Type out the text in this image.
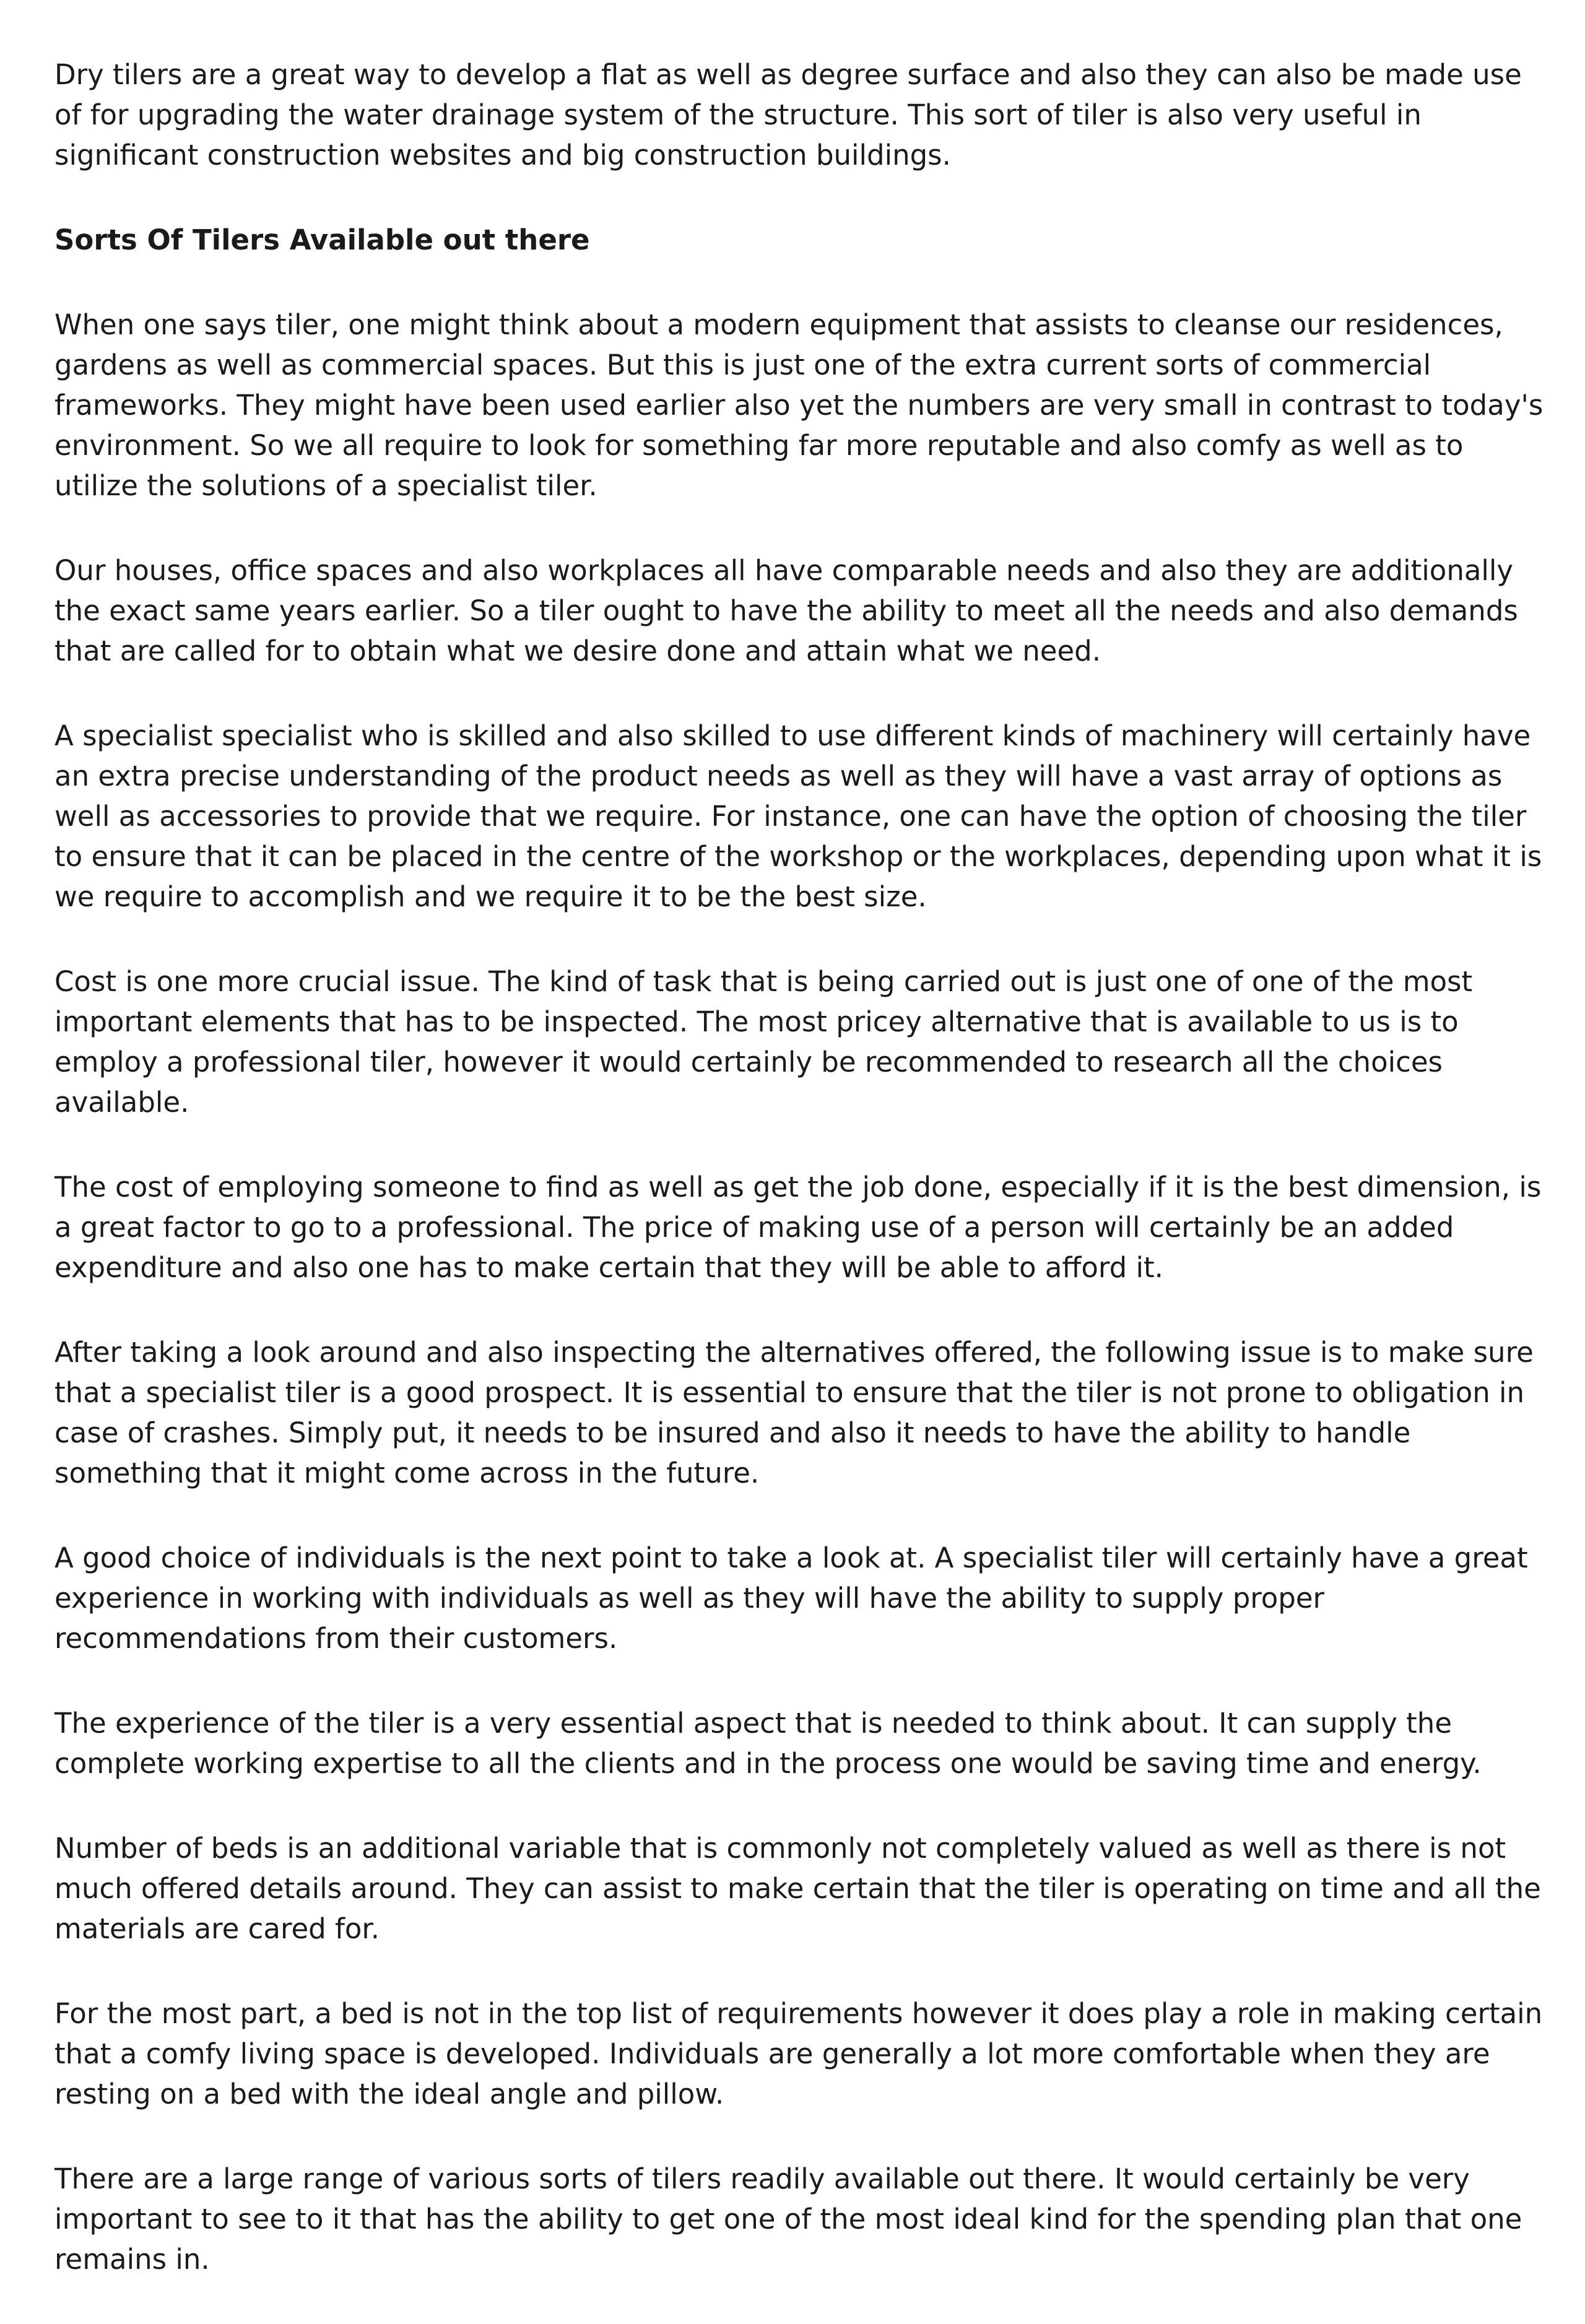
Dry tilers are a great way to develop a flat as well as degree surface and also they can also be made use of for upgrading the water drainage system of the structure. This sort of tiler is also very useful in significant construction websites and big construction buildings.

Sorts Of Tilers Available out there

When one says tiler, one might think about a modern equipment that assists to cleanse our residences, gardens as well as commercial spaces. But this is just one of the extra current sorts of commercial frameworks. They might have been used earlier also yet the numbers are very small in contrast to today's environment. So we all require to look for something far more reputable and also comfy as well as to utilize the solutions of a specialist tiler.

Our houses, office spaces and also workplaces all have comparable needs and also they are additionally the exact same years earlier. So a tiler ought to have the ability to meet all the needs and also demands that are called for to obtain what we desire done and attain what we need.

A specialist specialist who is skilled and also skilled to use different kinds of machinery will certainly have an extra precise understanding of the product needs as well as they will have a vast array of options as well as accessories to provide that we require. For instance, one can have the option of choosing the tiler to ensure that it can be placed in the centre of the workshop or the workplaces, depending upon what it is we require to accomplish and we require it to be the best size.

Cost is one more crucial issue. The kind of task that is being carried out is just one of one of the most important elements that has to be inspected. The most pricey alternative that is available to us is to employ a professional tiler, however it would certainly be recommended to research all the choices available.

The cost of employing someone to find as well as get the job done, especially if it is the best dimension, is a great factor to go to a professional. The price of making use of a person will certainly be an added expenditure and also one has to make certain that they will be able to afford it.

After taking a look around and also inspecting the alternatives offered, the following issue is to make sure that a specialist tiler is a good prospect. It is essential to ensure that the tiler is not prone to obligation in case of crashes. Simply put, it needs to be insured and also it needs to have the ability to handle something that it might come across in the future.

A good choice of individuals is the next point to take a look at. A specialist tiler will certainly have a great experience in working with individuals as well as they will have the ability to supply proper recommendations from their customers.

The experience of the tiler is a very essential aspect that is needed to think about. It can supply the complete working expertise to all the clients and in the process one would be saving time and energy.

Number of beds is an additional variable that is commonly not completely valued as well as there is not much offered details around. They can assist to make certain that the tiler is operating on time and all the materials are cared for.

For the most part, a bed is not in the top list of requirements however it does play a role in making certain that a comfy living space is developed. Individuals are generally a lot more comfortable when they are resting on a bed with the ideal angle and pillow.

There are a large range of various sorts of tilers readily available out there. It would certainly be very important to see to it that has the ability to get one of the most ideal kind for the spending plan that one remains in.
